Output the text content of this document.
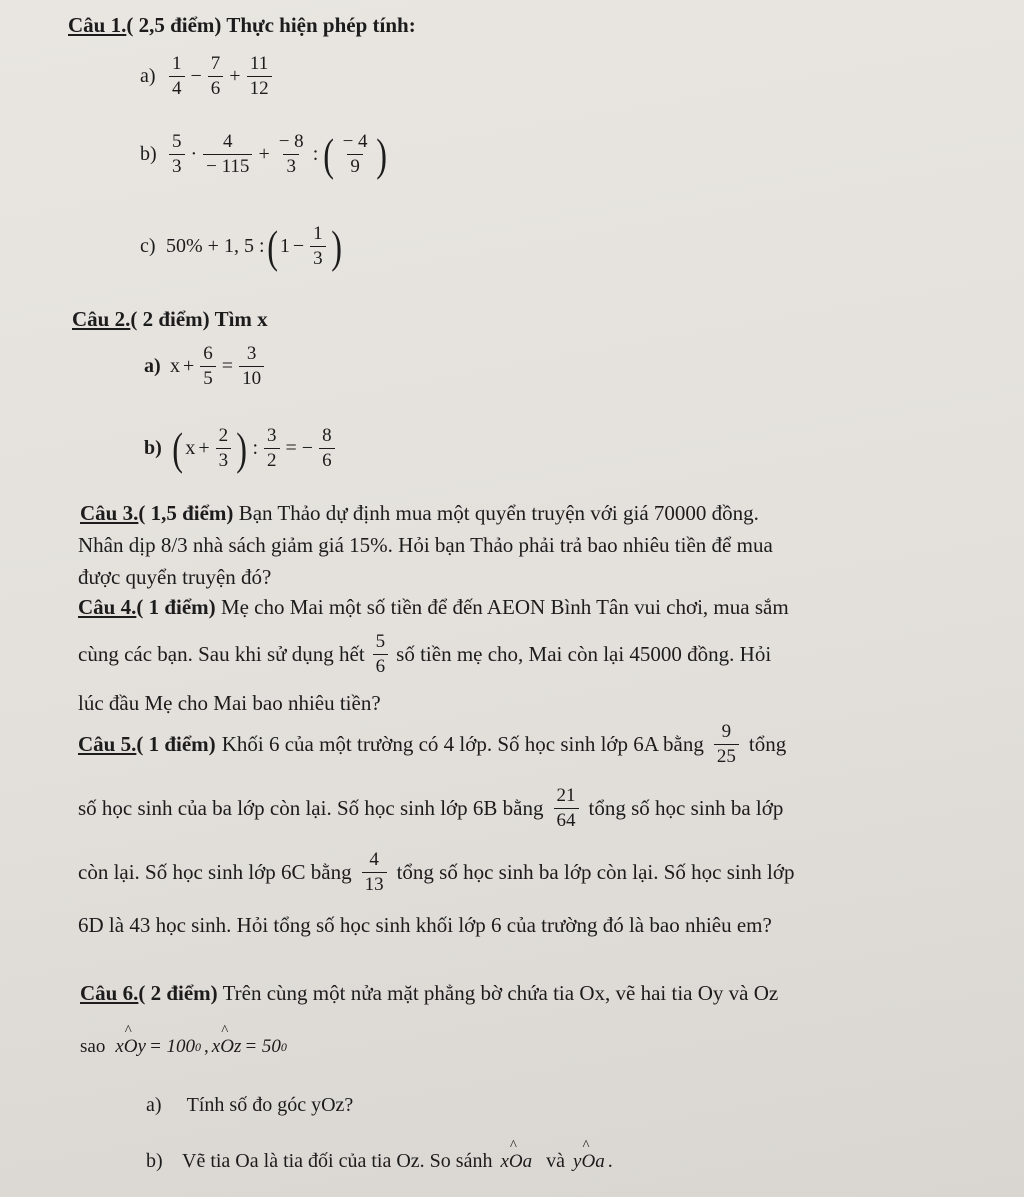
Câu 1.( 2,5 điểm) Thực hiện phép tính:
$a) \frac{1}{4} - \frac{7}{6} + \frac{11}{12}$
$b) \frac{5}{3} \cdot \frac{4}{- 115} + \frac{- 8}{3}$ : ( $\frac{- 4}{9}$ )
c) 50% + 1, 5 : ( $1 - \frac{1}{3}$ )
Câu 2.( 2 điểm) Tìm x
a) $x + \frac{6}{5} = \frac{3}{10}$
b) ( $x + \frac{2}{3}$ ) : $\frac{3}{2}$ = − $\frac{8}{6}$
Câu 3.( 1,5 điểm) Bạn Thảo dự định mua một quyển truyện với giá 70000 đồng.
Nhân dịp 8/3 nhà sách giảm giá 15%. Hỏi bạn Thảo phải trả bao nhiêu tiền để mua
được quyển truyện đó?
Câu 4.( 1 điểm) Mẹ cho Mai một số tiền để đến AEON Bình Tân vui chơi, mua sắm
cùng các bạn. Sau khi sử dụng hết $\frac{5}{6}$ số tiền mẹ cho, Mai còn lại 45000 đồng. Hỏi
lúc đầu Mẹ cho Mai bao nhiêu tiền?
Câu 5. ( 1 điểm) Khối 6 của một trường có 4 lớp. Số học sinh lớp 6A bằng $\frac{9}{25}$ tổng
số học sinh của ba lớp còn lại. Số học sinh lớp 6B bằng $\frac{21}{64}$ tổng số học sinh ba lớp
còn lại. Số học sinh lớp 6C bằng $\frac{4}{13}$ tổng số học sinh ba lớp còn lại. Số học sinh lớp
6D là 43 học sinh. Hỏi tổng số học sinh khối lớp 6 của trường đó là bao nhiêu em?
Câu 6.( 2 điểm) Trên cùng một nửa mặt phẳng bờ chứa tia Ox, vẽ hai tia Oy và Oz
sao x ^ O y = 100 0 , x ^ O z = 50 0
a) Tính số đo góc yOz?
b) Vẽ tia Oa là tia đối của tia Oz. So sánh x ^ O a và y ^ O a .
